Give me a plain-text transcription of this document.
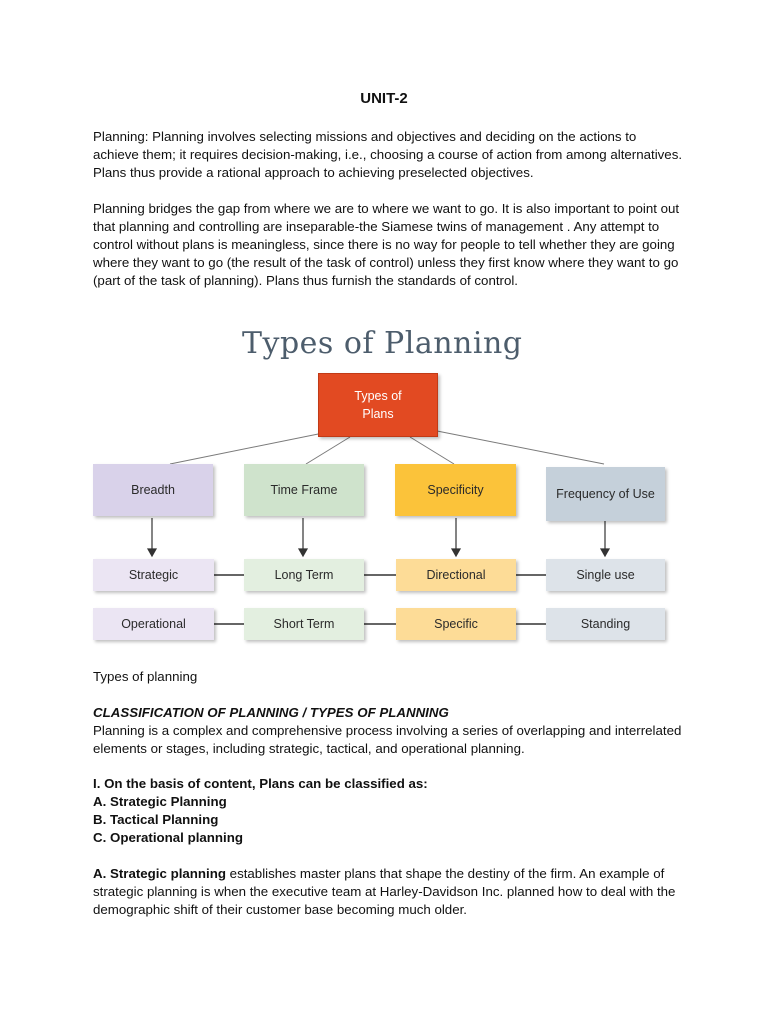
UNIT-2

Planning: Planning involves selecting missions and objectives and deciding on the actions to achieve them; it requires decision-making, i.e., choosing a course of action from among alternatives. Plans thus provide a rational approach to achieving preselected objectives.

Planning bridges the gap from where we are to where we want to go. It is also important to point out that planning and controlling are inseparable-the Siamese twins of management . Any attempt to control without plans is meaningless, since there is no way for people to tell whether they are going where they want to go (the result of the task of control) unless they first know where they want to go (part of the task of planning). Plans thus furnish the standards of control.

Types of Planning
Types of
Plans
Breadth	Time Frame	Specificity	Frequency of Use
Strategic	Long Term	Directional	Single use
Operational	Short Term	Specific	Standing

Types of planning

CLASSIFICATION OF PLANNING / TYPES OF PLANNING

Planning is a complex and comprehensive process involving a series of overlapping and interrelated elements or stages, including strategic, tactical, and operational planning.

I. On the basis of content, Plans can be classified as:

A. Strategic Planning

B. Tactical Planning

C. Operational planning

A. Strategic planning establishes master plans that shape the destiny of the firm. An example of strategic planning is when the executive team at Harley-Davidson Inc. planned how to deal with the demographic shift of their customer base becoming much older.
